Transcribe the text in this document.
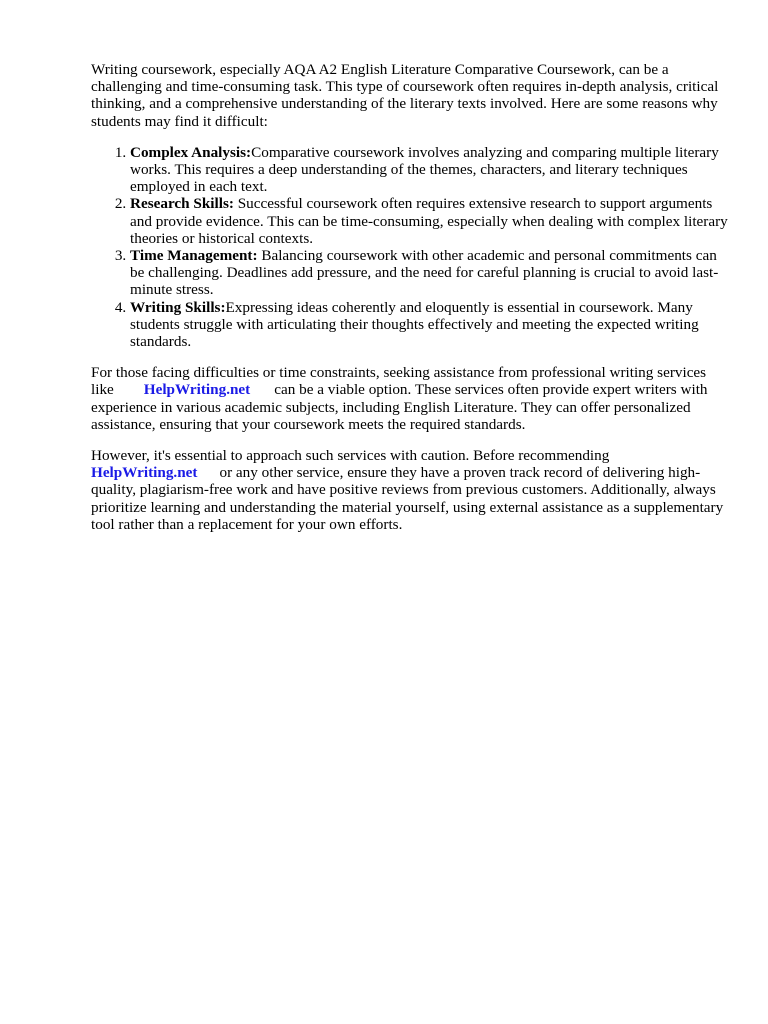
Writing coursework, especially AQA A2 English Literature Comparative Coursework, can be a challenging and time-consuming task. This type of coursework often requires in-depth analysis, critical thinking, and a comprehensive understanding of the literary texts involved. Here are some reasons why students may find it difficult:

1. Complex Analysis:Comparative coursework involves analyzing and comparing multiple literary works. This requires a deep understanding of the themes, characters, and literary techniques employed in each text.
2. Research Skills: Successful coursework often requires extensive research to support arguments and provide evidence. This can be time-consuming, especially when dealing with complex literary theories or historical contexts.
3. Time Management: Balancing coursework with other academic and personal commitments can be challenging. Deadlines add pressure, and the need for careful planning is crucial to avoid last-minute stress.
4. Writing Skills:Expressing ideas coherently and eloquently is essential in coursework. Many students struggle with articulating their thoughts effectively and meeting the expected writing standards.

For those facing difficulties or time constraints, seeking assistance from professional writing services like HelpWriting.net can be a viable option. These services often provide expert writers with experience in various academic subjects, including English Literature. They can offer personalized assistance, ensuring that your coursework meets the required standards.

However, it's essential to approach such services with caution. Before recommending HelpWriting.net or any other service, ensure they have a proven track record of delivering high-quality, plagiarism-free work and have positive reviews from previous customers. Additionally, always prioritize learning and understanding the material yourself, using external assistance as a supplementary tool rather than a replacement for your own efforts.
